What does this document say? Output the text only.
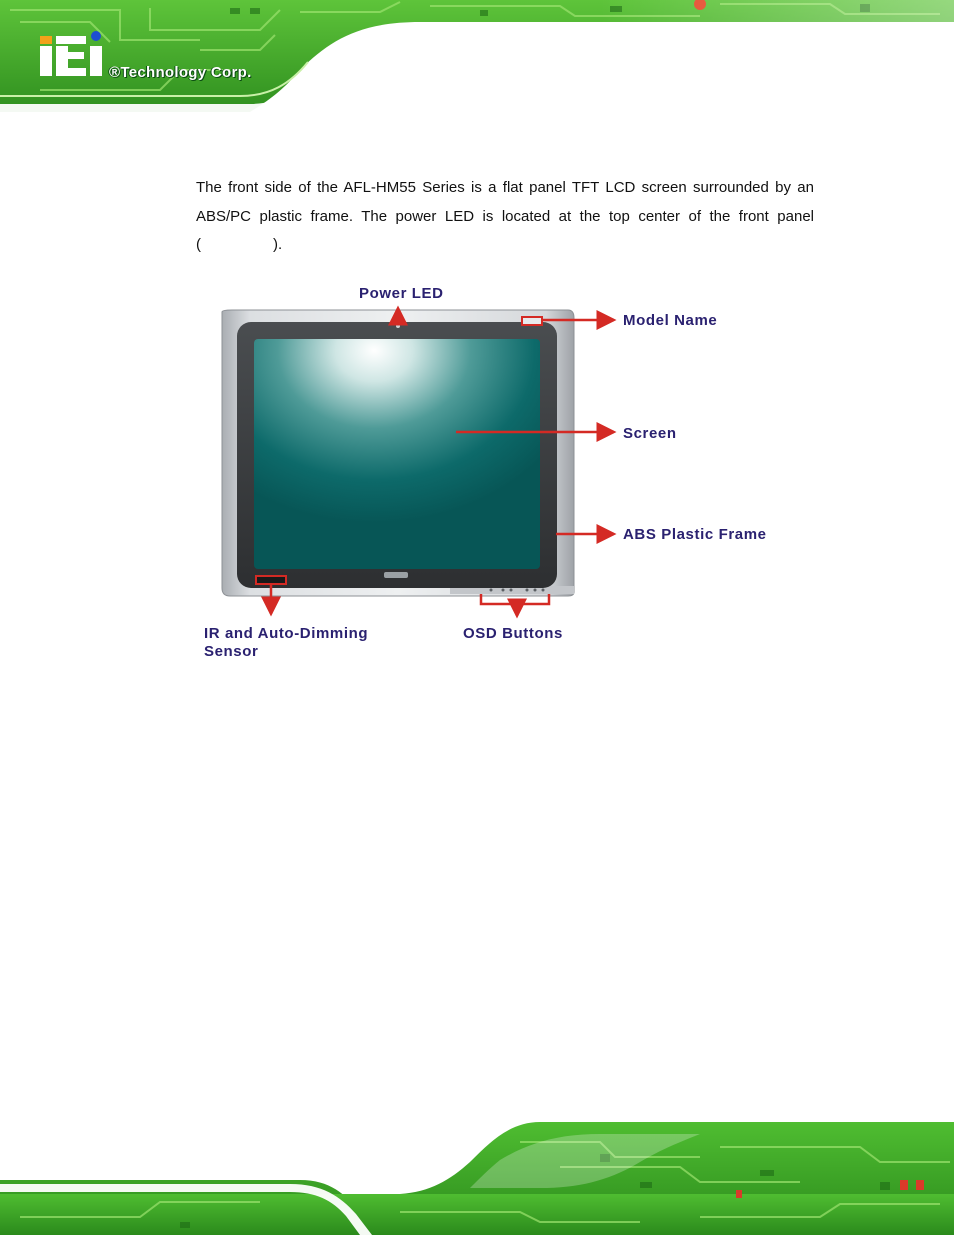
®Technology Corp.
The front side of the AFL-HM55 Series is a flat panel TFT LCD screen surrounded by an
ABS/PC plastic frame. The power LED is located at the top center of the front panel
(	).
Power LED
Model Name
Screen
ABS Plastic Frame
IR and Auto-Dimming
Sensor
OSD Buttons
